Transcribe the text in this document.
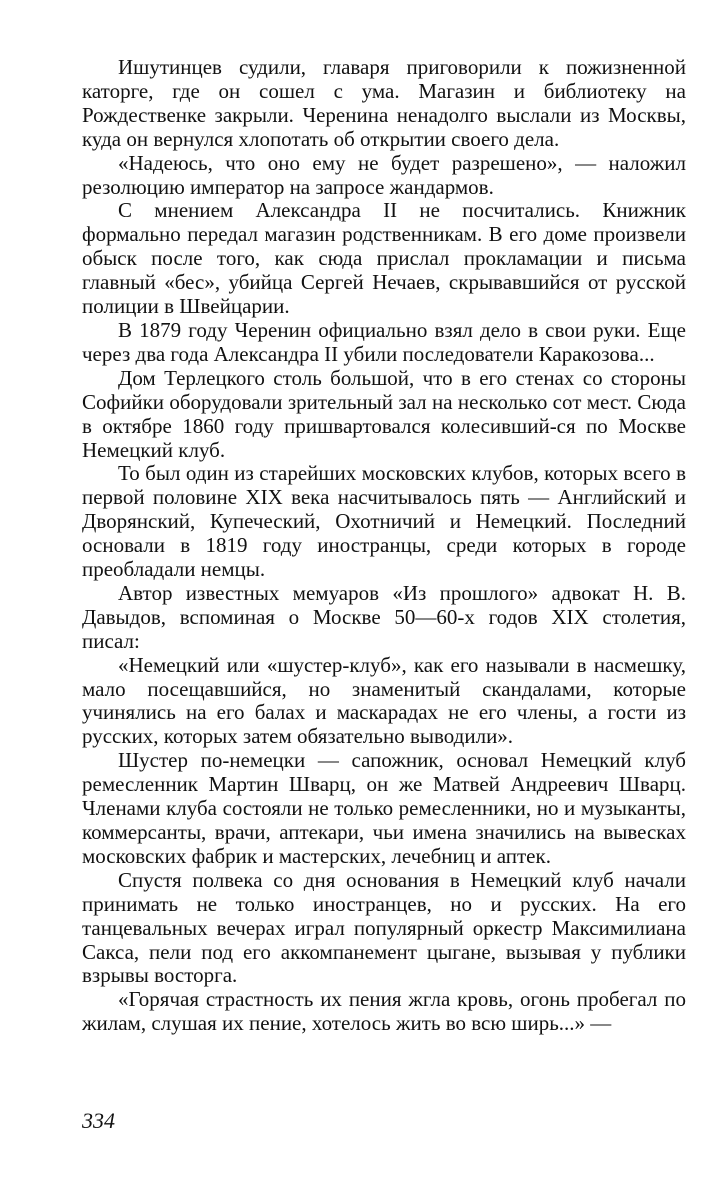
Ишутинцев судили, главаря приговорили к пожизненной каторге, где он сошел с ума. Магазин и библиотеку на Рождественке закрыли. Черенина ненадолго выслали из Москвы, куда он вернулся хлопотать об открытии своего дела.

«Надеюсь, что оно ему не будет разрешено», — наложил резолюцию император на запросе жандармов.

С мнением Александра II не посчитались. Книжник формально передал магазин родственникам. В его доме произвели обыск после того, как сюда прислал прокламации и письма главный «бес», убийца Сергей Нечаев, скрывавшийся от русской полиции в Швейцарии.

В 1879 году Черенин официально взял дело в свои руки. Еще через два года Александра II убили последователи Каракозова...

Дом Терлецкого столь большой, что в его стенах со стороны Софийки оборудовали зрительный зал на несколько сот мест. Сюда в октябре 1860 году пришвартовался колесивший-ся по Москве Немецкий клуб.

То был один из старейших московских клубов, которых всего в первой половине XIX века насчитывалось пять — Английский и Дворянский, Купеческий, Охотничий и Немецкий. Последний основали в 1819 году иностранцы, среди которых в городе преобладали немцы.

Автор известных мемуаров «Из прошлого» адвокат Н. В. Давыдов, вспоминая о Москве 50—60-х годов XIX столетия, писал:

«Немецкий или «шустер-клуб», как его называли в насмешку, мало посещавшийся, но знаменитый скандалами, которые учинялись на его балах и маскарадах не его члены, а гости из русских, которых затем обязательно выводили».

Шустер по-немецки — сапожник, основал Немецкий клуб ремесленник Мартин Шварц, он же Матвей Андреевич Шварц. Членами клуба состояли не только ремесленники, но и музыканты, коммерсанты, врачи, аптекари, чьи имена значились на вывесках московских фабрик и мастерских, лечебниц и аптек.

Спустя полвека со дня основания в Немецкий клуб начали принимать не только иностранцев, но и русских. На его танцевальных вечерах играл популярный оркестр Максимилиана Сакса, пели под его аккомпанемент цыгане, вызывая у публики взрывы восторга.

«Горячая страстность их пения жгла кровь, огонь пробегал по жилам, слушая их пение, хотелось жить во всю ширь...» —

334
